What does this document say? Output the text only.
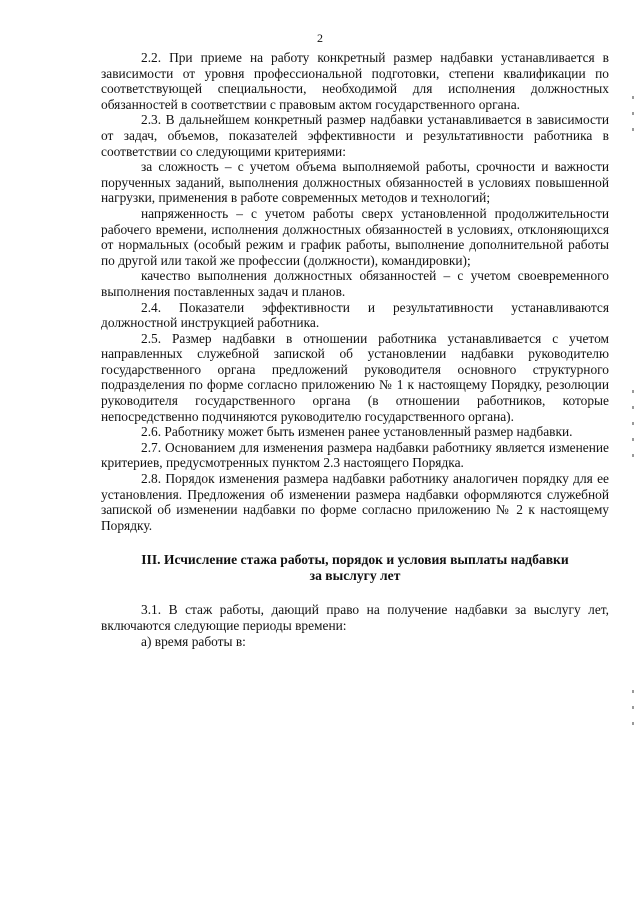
2

2.2. При приеме на работу конкретный размер надбавки устанавливается в зависимости от уровня профессиональной подготовки, степени квалификации по соответствующей специальности, необходимой для исполнения должностных обязанностей в соответствии с правовым актом государственного органа.

2.3. В дальнейшем конкретный размер надбавки устанавливается в зависимости от задач, объемов, показателей эффективности и результативности работника в соответствии со следующими критериями:

за сложность – с учетом объема выполняемой работы, срочности и важности порученных заданий, выполнения должностных обязанностей в условиях повышенной нагрузки, применения в работе современных методов и технологий;

напряженность – с учетом работы сверх установленной продолжительности рабочего времени, исполнения должностных обязанностей в условиях, отклоняющихся от нормальных (особый режим и график работы, выполнение дополнительной работы по другой или такой же профессии (должности), командировки);

качество выполнения должностных обязанностей – с учетом своевременного выполнения поставленных задач и планов.

2.4. Показатели эффективности и результативности устанавливаются должностной инструкцией работника.

2.5. Размер надбавки в отношении работника устанавливается с учетом направленных служебной запиской об установлении надбавки руководителю государственного органа предложений руководителя основного структурного подразделения по форме согласно приложению № 1 к настоящему Порядку, резолюции руководителя государственного органа (в отношении работников, которые непосредственно подчиняются руководителю государственного органа).

2.6. Работнику может быть изменен ранее установленный размер надбавки.

2.7. Основанием для изменения размера надбавки работнику является изменение критериев, предусмотренных пунктом 2.3 настоящего Порядка.

2.8. Порядок изменения размера надбавки работнику аналогичен порядку для ее установления. Предложения об изменении размера надбавки оформляются служебной запиской об изменении надбавки по форме согласно приложению № 2 к настоящему Порядку.

III. Исчисление стажа работы, порядок и условия выплаты надбавки
за выслугу лет

3.1. В стаж работы, дающий право на получение надбавки за выслугу лет, включаются следующие периоды времени:

а) время работы в:
